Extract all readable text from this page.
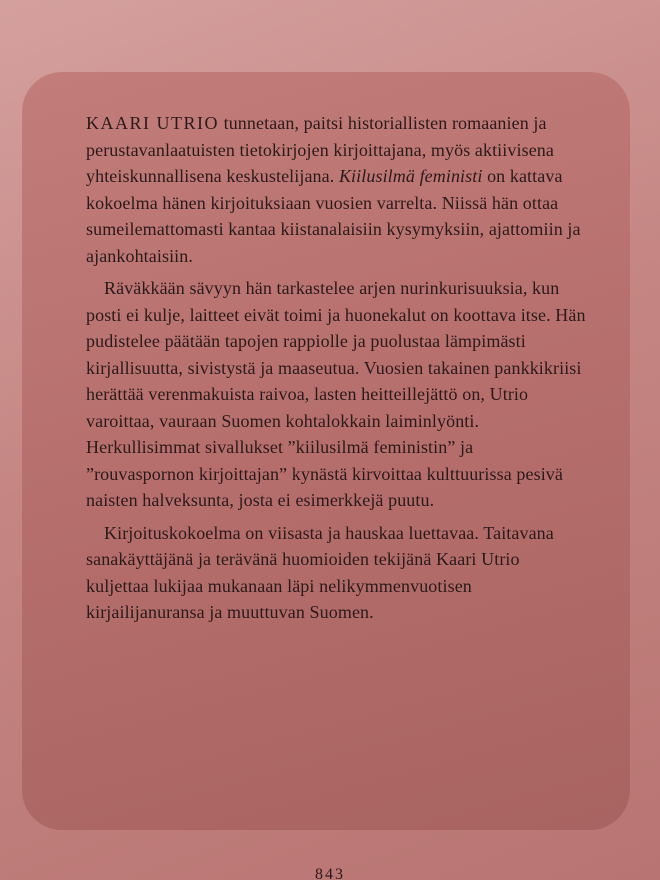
KAARI UTRIO tunnetaan, paitsi historiallisten romaanien ja perustavanlaatuisten tietokirjojen kirjoittajana, myös aktiivisena yhteiskunnallisena keskustelijana. Kiilusilmä feministi on kattava kokoelma hänen kirjoituksiaan vuosien varrelta. Niissä hän ottaa sumeilemattomasti kantaa kiistanalaisiin kysymyksiin, ajattomiin ja ajankohtaisiin.

Räväkkään sävyyn hän tarkastelee arjen nurinkurisuuksia, kun posti ei kulje, laitteet eivät toimi ja huonekalut on koottava itse. Hän pudistelee päätään tapojen rappiolle ja puolustaa lämpimästi kirjallisuutta, sivistystä ja maaseutua. Vuosien takainen pankkikriisi herättää verenmakuista raivoa, lasten heitteillejättö on, Utrio varoittaa, vauraan Suomen kohtalokkain laiminlyönti. Herkullisimmat sivallukset ”kiilusilmä feministin” ja ”rouvaspornon kirjoittajan” kynästä kirvoittaa kulttuurissa pesivä naisten halveksunta, josta ei esimerkkejä puutu.

Kirjoituskokoelma on viisasta ja hauskaa luettavaa. Taitavana sanakäyttäjänä ja terävänä huomioiden tekijänä Kaari Utrio kuljettaa lukijaa mukanaan läpi nelikymmenvuotisen kirjailijanuransa ja muuttuvan Suomen.

843
